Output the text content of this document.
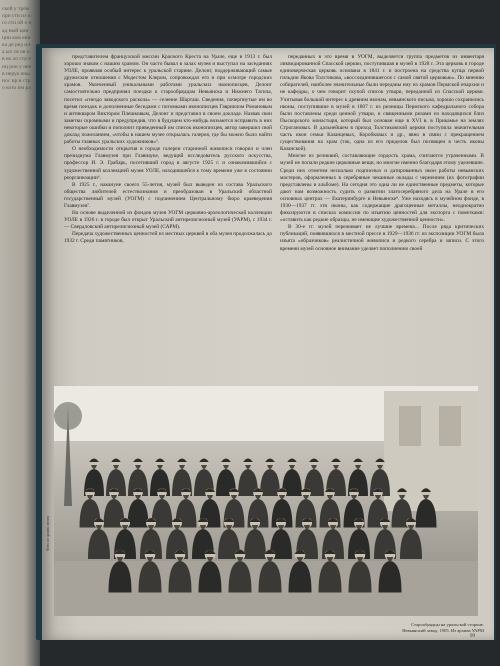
ской у трём при сти из ого сти ой о над ный ции ции ком ени ка де ред ила ых ся ов и в ек ло стр енц рон у нее в нерук ены нос нр в стро кото им ра

представителем французской миссии Красного Креста на Урале, еще в 1913 г. был хорошо знаком с нашим храмом. Он часто бывал в залах музея и выступал на заседаниях УОЛЕ, проявляя особый интерес к уральской старине. Делонг, поддерживающий самые дружеские отношения с Модестом Клером, сопровождал его и при осмотре городских храмов. Увлеченный уникальными работами уральских иконописцев, Делонг самостоятельно предпринял поездки к старообрядцам Невьянска и Нижнего Тагила, посетил «гнездо заводского раскола» — селение Шарташ. Сведения, почерпнутые им во время поездок и дополненные беседами с потомками иконописцев Гавриилом Романовым и антикваром Виктором Плешковым, Делонг и представил в своем докладе. Назвав свои заметки скромными и предупредив, что в будущем кто-нибудь возьмется исправить в них некоторые ошибки и пополнит приведенный им список иконописцев, автор завершил свой доклад пожеланием, «чтобы в нашем музее открылась галерея, где бы можно было найти работы главных уральских художников»⁵.

О необходимости открытия в городе галереи старинной живописи говорил и член президиума Главмузея при Главнауке, ведущий исследователь русского искусства, профессор И. Э. Грабарь, посетивший город в августе 1925 г. и ознакомившийся с художественной коллекцией музея УОЛЕ, находившейся к тому времени уже в состоянии реорганизации⁶.

В 1925 г., накануне своего 55-летия, музей был выведен из состава Уральского общества любителей естествознания и преобразован в Уральский областной государственный музей (УОГМ) с подчинением Центральному бюро краеведения Главмузея⁷.

На основе выделенной из фондов музея УОГМ церковно-археологической коллекции УОЛЕ в 1926 г. в городе был открыт Уральский антирелигиозный музей (УАРМ), с 1934 г. — Свердловский антирелигиозный музей (САРМ).

Передача художественных ценностей из местных церквей в оба музея продолжалась до 1932 г. Среди памятников,

переданных в это время в УОГМ, выделяется группа предметов из инвентаря ликвидированной Спасской церкви, поступившая в музей в 1928 г. Эта церковь в городе единоверческая церковь основана в 1841 г. и построена на средства купца первой гильдии Якова Толстикова, «воссоединившегося с самой святой церковью». По мнению собирателей, наиболее значительные были переданы ему из храмов Пермской епархии и не кафедры, о чем говорит скупой список утвари, переданной из Спасской церкви. Учитывая большой интерес к древним иконам, невьянского письма, хорошо сохранились иконы, поступившие в музей в 1807 г. из ризницы Пермского кафедрального собора были поставлены среди ценной утвари, и священными ризами из находящихся близ Пыскорского монастыря, который был основан еще в XVI в. в Прикамье на землях Строгановых. В дальнейшем в приход Толстиковской церкви поступила значительная часть икон семьи Казанцевых, Коробковых и др., явно в связи с прекращением существования на храм (так, одна из его приделов был посвящен в честь иконы Казанской).

Многие из реликвий, составляющие гордость храма, считаются утраченными. В музей не попали редкие церковные вещи, но многие именно благодаря этому уцелевшие. Среди них отметим несколько подписных и датированных икон работы невьянских мастеров, оформленных в серебряные чеканные оклады с чернением (их фотографии представлены в альбоме). На сегодня это одна ли не единственные предметы, которые дают нам возможность судить о развитии златосеребряного дела на Урале в его основных центрах — Екатеринбурге и Невьянске⁸. Уже находясь в музейном фонде, в 1930—1937 гг. эти иконы, как содержащие драгоценные металлы, неоднократно фиксируются в списках комиссии по изъятию ценностей для экспорта с пометками: «оставить как редкие образцы, не имеющие художественной ценности».

В 30-е гг. музей переживает не лучшие времена... После ряда критических публикаций, появившихся в местной прессе в 1929—1936 гг. из экспозиции УОГМ была изъята «образчиков» реалистичной живописи и редкого серебра и записи. С этого времени музей основное внимание уделяет пополнению своей

Фото из архива музея
Старообрядцы на уральской стороне.
Невьянский завод. 1905. Из архива УАРМ
99
